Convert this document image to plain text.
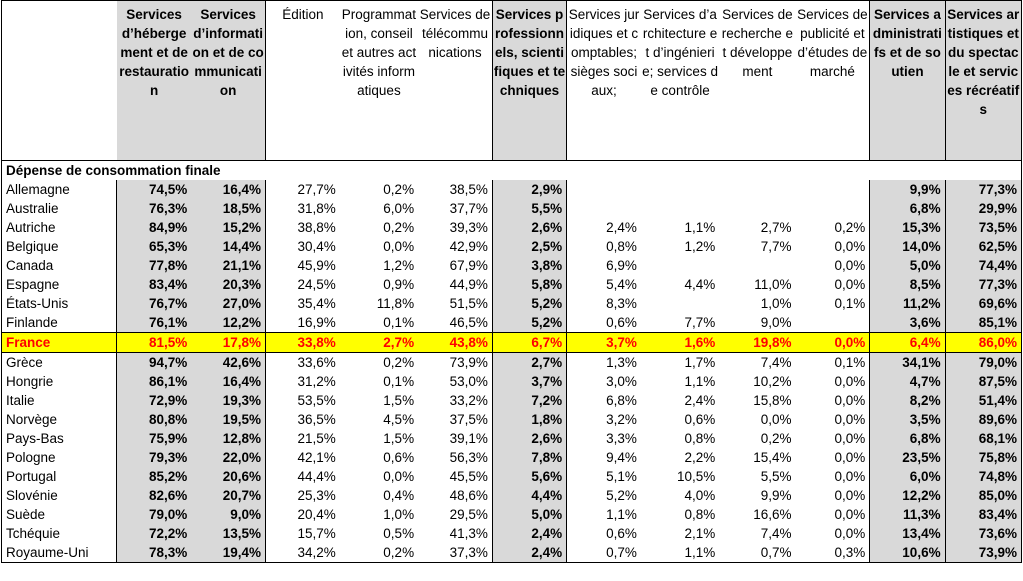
	Services d’hébergement et de restauration	Services d’information et de communication	Édition	Programmation, conseil et autres activités informatiques	Services de télécommunications	Services professionnels, scientifiques et techniques	Services juridiques et comptables; sièges sociaux;	Services d’architecture et d’ingénierie; services de contrôle	Services de recherche et développement	Services de publicité et d’études de marché	Services administratifs et de soutien	Services artistiques et du spectacle et services récréatifs
Dépense de consommation finale												
Allemagne	74,5%	16,4%	27,7%	0,2%	38,5%	2,9%					9,9%	77,3%
Australie	76,3%	18,5%	31,8%	6,0%	37,7%	5,5%					6,8%	29,9%
Autriche	84,9%	15,2%	38,8%	0,2%	39,3%	2,6%	2,4%	1,1%	2,7%	0,2%	15,3%	73,5%
Belgique	65,3%	14,4%	30,4%	0,0%	42,9%	2,5%	0,8%	1,2%	7,7%	0,0%	14,0%	62,5%
Canada	77,8%	21,1%	45,9%	1,2%	67,9%	3,8%	6,9%			0,0%	5,0%	74,4%
Espagne	83,4%	20,3%	24,5%	0,9%	44,9%	5,8%	5,4%	4,4%	11,0%	0,0%	8,5%	77,3%
États-Unis	76,7%	27,0%	35,4%	11,8%	51,5%	5,2%	8,3%		1,0%	0,1%	11,2%	69,6%
Finlande	76,1%	12,2%	16,9%	0,1%	46,5%	5,2%	0,6%	7,7%	9,0%		3,6%	85,1%
France	81,5%	17,8%	33,8%	2,7%	43,8%	6,7%	3,7%	1,6%	19,8%	0,0%	6,4%	86,0%
Grèce	94,7%	42,6%	33,6%	0,2%	73,9%	2,7%	1,3%	1,7%	7,4%	0,1%	34,1%	79,0%
Hongrie	86,1%	16,4%	31,2%	0,1%	53,0%	3,7%	3,0%	1,1%	10,2%	0,0%	4,7%	87,5%
Italie	72,9%	19,3%	53,5%	1,5%	33,2%	7,2%	6,8%	2,4%	15,8%	0,0%	8,2%	51,4%
Norvège	80,8%	19,5%	36,5%	4,5%	37,5%	1,8%	3,2%	0,6%	0,0%	0,0%	3,5%	89,6%
Pays-Bas	75,9%	12,8%	21,5%	1,5%	39,1%	2,6%	3,3%	0,8%	0,2%	0,0%	6,8%	68,1%
Pologne	79,3%	22,0%	42,1%	0,6%	56,3%	7,8%	9,4%	2,2%	15,4%	0,0%	23,5%	75,8%
Portugal	85,2%	20,6%	44,4%	0,0%	45,5%	5,6%	5,1%	10,5%	5,5%	0,0%	6,0%	74,8%
Slovénie	82,6%	20,7%	25,3%	0,4%	48,6%	4,4%	5,2%	4,0%	9,9%	0,0%	12,2%	85,0%
Suède	79,0%	9,0%	20,4%	1,0%	29,5%	5,0%	1,1%	0,8%	16,6%	0,0%	11,3%	83,4%
Tchéquie	72,2%	13,5%	15,7%	0,5%	41,3%	2,4%	0,6%	2,1%	7,4%	0,0%	13,4%	73,6%
Royaume-Uni	78,3%	19,4%	34,2%	0,2%	37,3%	2,4%	0,7%	1,1%	0,7%	0,3%	10,6%	73,9%
